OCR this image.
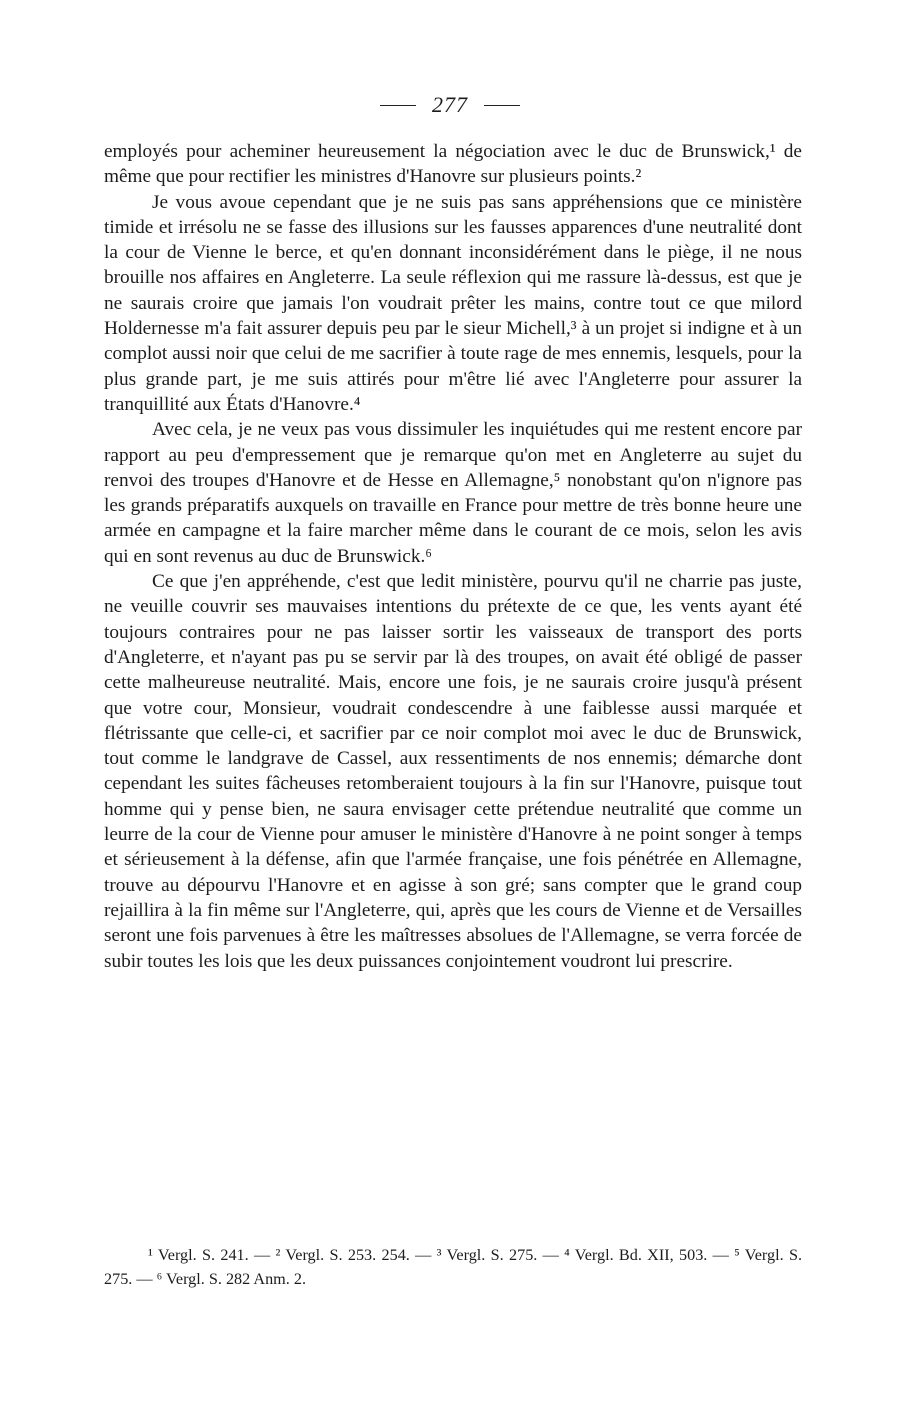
277

employés pour acheminer heureusement la négociation avec le duc de Brunswick,¹ de même que pour rectifier les ministres d'Hanovre sur plusieurs points.²

Je vous avoue cependant que je ne suis pas sans appréhensions que ce ministère timide et irrésolu ne se fasse des illusions sur les fausses apparences d'une neutralité dont la cour de Vienne le berce, et qu'en donnant inconsidérément dans le piège, il ne nous brouille nos affaires en Angleterre. La seule réflexion qui me rassure là-dessus, est que je ne saurais croire que jamais l'on voudrait prêter les mains, contre tout ce que milord Holdernesse m'a fait assurer depuis peu par le sieur Michell,³ à un projet si indigne et à un complot aussi noir que celui de me sacrifier à toute rage de mes ennemis, lesquels, pour la plus grande part, je me suis attirés pour m'être lié avec l'Angleterre pour assurer la tranquillité aux États d'Hanovre.⁴

Avec cela, je ne veux pas vous dissimuler les inquiétudes qui me restent encore par rapport au peu d'empressement que je remarque qu'on met en Angleterre au sujet du renvoi des troupes d'Hanovre et de Hesse en Allemagne,⁵ nonobstant qu'on n'ignore pas les grands préparatifs auxquels on travaille en France pour mettre de très bonne heure une armée en campagne et la faire marcher même dans le courant de ce mois, selon les avis qui en sont revenus au duc de Brunswick.⁶

Ce que j'en appréhende, c'est que ledit ministère, pourvu qu'il ne charrie pas juste, ne veuille couvrir ses mauvaises intentions du prétexte de ce que, les vents ayant été toujours contraires pour ne pas laisser sortir les vaisseaux de transport des ports d'Angleterre, et n'ayant pas pu se servir par là des troupes, on avait été obligé de passer cette malheureuse neutralité. Mais, encore une fois, je ne saurais croire jusqu'à présent que votre cour, Monsieur, voudrait condescendre à une faiblesse aussi marquée et flétrissante que celle-ci, et sacrifier par ce noir complot moi avec le duc de Brunswick, tout comme le landgrave de Cassel, aux ressentiments de nos ennemis; démarche dont cependant les suites fâcheuses retomberaient toujours à la fin sur l'Hanovre, puisque tout homme qui y pense bien, ne saura envisager cette prétendue neutralité que comme un leurre de la cour de Vienne pour amuser le ministère d'Hanovre à ne point songer à temps et sérieusement à la défense, afin que l'armée française, une fois pénétrée en Allemagne, trouve au dépourvu l'Hanovre et en agisse à son gré; sans compter que le grand coup rejaillira à la fin même sur l'Angleterre, qui, après que les cours de Vienne et de Versailles seront une fois parvenues à être les maîtresses absolues de l'Allemagne, se verra forcée de subir toutes les lois que les deux puissances conjointement voudront lui prescrire.

¹ Vergl. S. 241. — ² Vergl. S. 253. 254. — ³ Vergl. S. 275. — ⁴ Vergl. Bd. XII, 503. — ⁵ Vergl. S. 275. — ⁶ Vergl. S. 282 Anm. 2.
